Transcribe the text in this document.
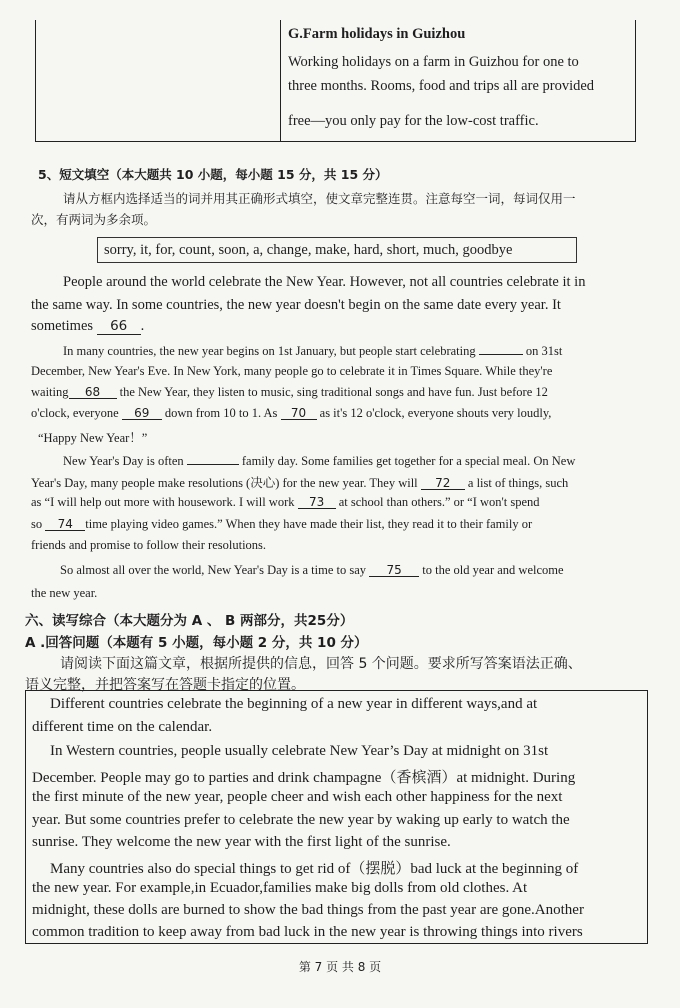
G.Farm holidays in Guizhou
Working holidays on a farm in Guizhou for one to
three months. Rooms, food and trips all are provided
free—you only pay for the low-cost traffic.
5、短文填空（本大题共 10 小题，每小题 15 分，共 15 分）
请从方框内选择适当的词并用其正确形式填空，使文章完整连贯。注意每空一词，每词仅用一
次，有两词为多余项。
sorry, it, for, count, soon, a, change, make, hard, short, much, goodbye
People around the world celebrate the New Year. However, not all countries celebrate it in
the same way. In some countries, the new year doesn't begin on the same date every year. It
sometimes 66 .
In many countries, the new year begins on 1st January, but people start celebrating	on 31st
December, New Year's Eve. In New York, many people go to celebrate it in Times Square. While they're
waiting 68 the New Year, they listen to music, sing traditional songs and have fun. Just before 12
o'clock, everyone 69 down from 10 to 1. As 70 as it's 12 o'clock, everyone shouts very loudly,
“Happy New Year！”
New Year's Day is often	family day. Some families get together for a special meal. On New
Year's Day, many people make resolutions (决心) for the new year. They will 72 a list of things, such
as “I will help out more with housework. I will work 73 at school than others.” or “I won't spend
so 74 time playing video games.” When they have made their list, they read it to their family or
friends and promise to follow their resolutions.
So almost all over the world, New Year's Day is a time to say 75 to the old year and welcome
the new year.
六、读写综合（本大题分为 A 、 B 两部分，共25分）
A .回答问题（本题有 5 小题，每小题 2 分，共 10 分）
请阅读下面这篇文章，根据所提供的信息，回答 5 个问题。要求所写答案语法正确、
语义完整，并把答案写在答题卡指定的位置。
Different countries celebrate the beginning of a new year in different ways,and at
different time on the calendar.
In Western countries, people usually celebrate New Year’s Day at midnight on 31st
December. People may go to parties and drink champagne（香槟酒）at midnight. During
the first minute of the new year, people cheer and wish each other happiness for the next
year. But some countries prefer to celebrate the new year by waking up early to watch the
sunrise. They welcome the new year with the first light of the sunrise.
Many countries also do special things to get rid of（摆脱）bad luck at the beginning of
the new year. For example,in Ecuador,families make big dolls from old clothes. At
midnight, these dolls are burned to show the bad things from the past year are gone.Another
common tradition to keep away from bad luck in the new year is throwing things into rivers
第 7 页 共 8 页
